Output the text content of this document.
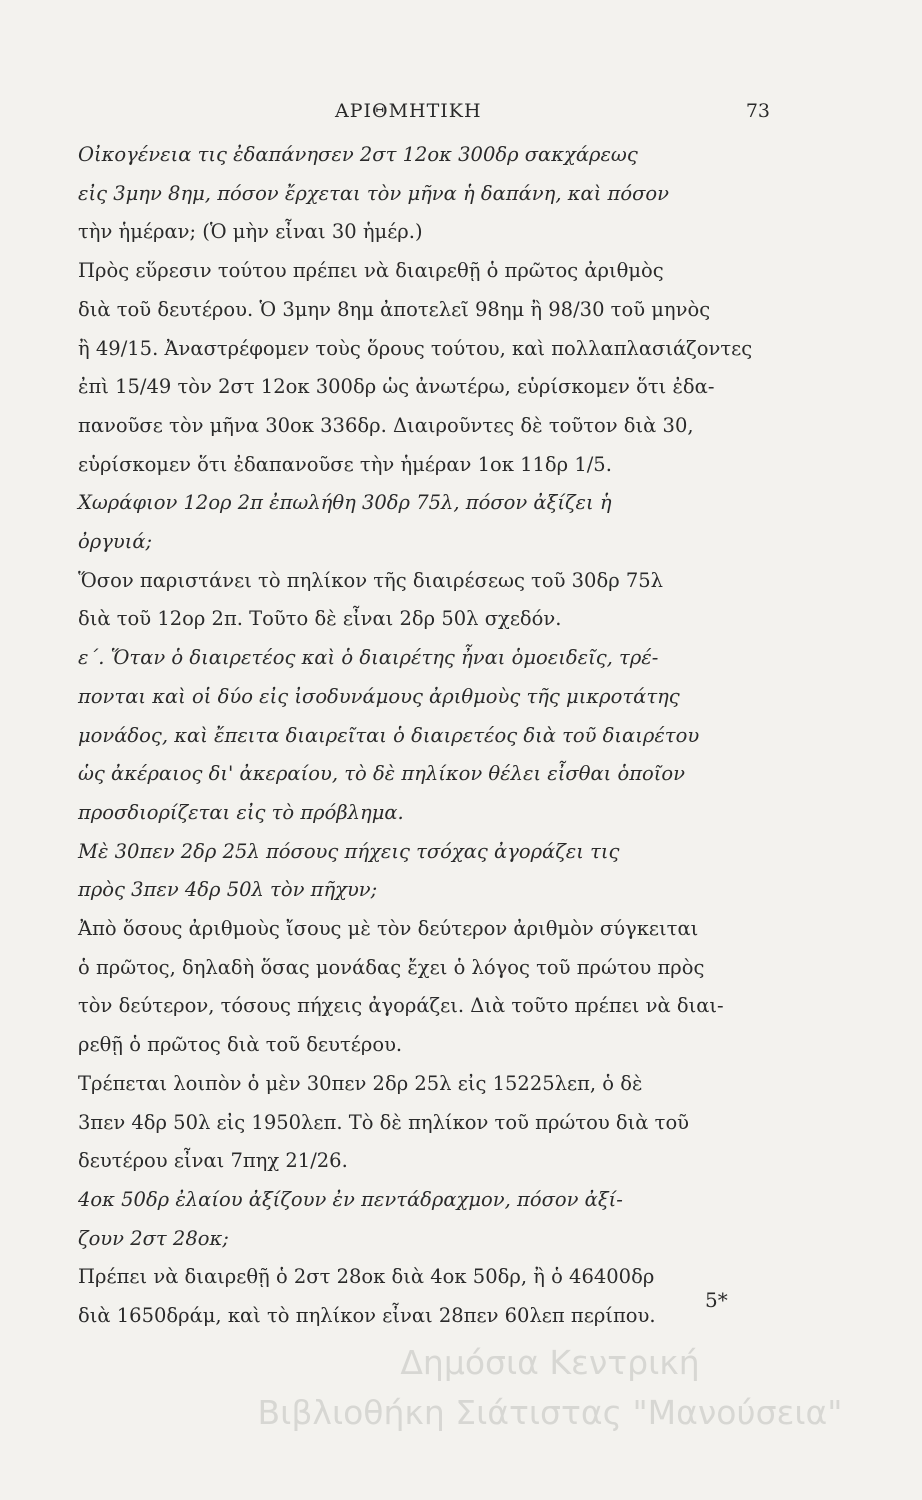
ΑΡΙΘΜΗΤΙΚΗ	73
Οἰκογένεια τις ἐδαπάνησεν 2στ 12οκ 300δρ σακχάρεως
εἰς 3μην 8ημ, πόσον ἔρχεται τὸν μῆνα ἡ δαπάνη, καὶ πόσον
τὴν ἡμέραν; (Ὁ μὴν εἶναι 30 ἡμέρ.)
Πρὸς εὕρεσιν τούτου πρέπει νὰ διαιρεθῇ ὁ πρῶτος ἀριθμὸς
διὰ τοῦ δευτέρου. Ὁ 3μην 8ημ ἀποτελεῖ 98ημ ἢ 98/30 τοῦ μηνὸς
ἢ 49/15. Ἀναστρέφομεν τοὺς ὅρους τούτου, καὶ πολλαπλασιάζοντες
ἐπὶ 15/49 τὸν 2στ 12οκ 300δρ ὡς ἀνωτέρω, εὑρίσκομεν ὅτι ἐδα-
πανοῦσε τὸν μῆνα 30οκ 336δρ. Διαιροῦντες δὲ τοῦτον διὰ 30,
εὑρίσκομεν ὅτι ἐδαπανοῦσε τὴν ἡμέραν 1οκ 11δρ 1/5.
Χωράφιον 12ορ 2π ἐπωλήθη 30δρ 75λ, πόσον ἀξίζει ἡ
ὀργυιά;
Ὅσον παριστάνει τὸ πηλίκον τῆς διαιρέσεως τοῦ 30δρ 75λ
διὰ τοῦ 12ορ 2π. Τοῦτο δὲ εἶναι 2δρ 50λ σχεδόν.
ε΄. Ὅταν ὁ διαιρετέος καὶ ὁ διαιρέτης ἦναι ὁμοειδεῖς, τρέ-
πονται καὶ οἱ δύο εἰς ἰσοδυνάμους ἀριθμοὺς τῆς μικροτάτης
μονάδος, καὶ ἔπειτα διαιρεῖται ὁ διαιρετέος διὰ τοῦ διαιρέτου
ὡς ἀκέραιος δι' ἀκεραίου, τὸ δὲ πηλίκον θέλει εἶσθαι ὁποῖον
προσδιορίζεται εἰς τὸ πρόβλημα.
Μὲ 30πεν 2δρ 25λ πόσους πήχεις τσόχας ἀγοράζει τις
πρὸς 3πεν 4δρ 50λ τὸν πῆχυν;
Ἀπὸ ὅσους ἀριθμοὺς ἴσους μὲ τὸν δεύτερον ἀριθμὸν σύγκειται
ὁ πρῶτος, δηλαδὴ ὅσας μονάδας ἔχει ὁ λόγος τοῦ πρώτου πρὸς
τὸν δεύτερον, τόσους πήχεις ἀγοράζει. Διὰ τοῦτο πρέπει νὰ διαι-
ρεθῇ ὁ πρῶτος διὰ τοῦ δευτέρου.
Τρέπεται λοιπὸν ὁ μὲν 30πεν 2δρ 25λ εἰς 15225λεπ, ὁ δὲ
3πεν 4δρ 50λ εἰς 1950λεπ. Τὸ δὲ πηλίκον τοῦ πρώτου διὰ τοῦ
δευτέρου εἶναι 7πηχ 21/26.
4οκ 50δρ ἐλαίου ἀξίζουν ἐν πεντάδραχμον, πόσον ἀξί-
ζουν 2στ 28οκ;
Πρέπει νὰ διαιρεθῇ ὁ 2στ 28οκ διὰ 4οκ 50δρ, ἢ ὁ 46400δρ
διὰ 1650δράμ, καὶ τὸ πηλίκον εἶναι 28πεν 60λεπ περίπου.
5*
Δημόσια Κεντρική
Βιβλιοθήκη Σιάτιστας "Μανούσεια"
